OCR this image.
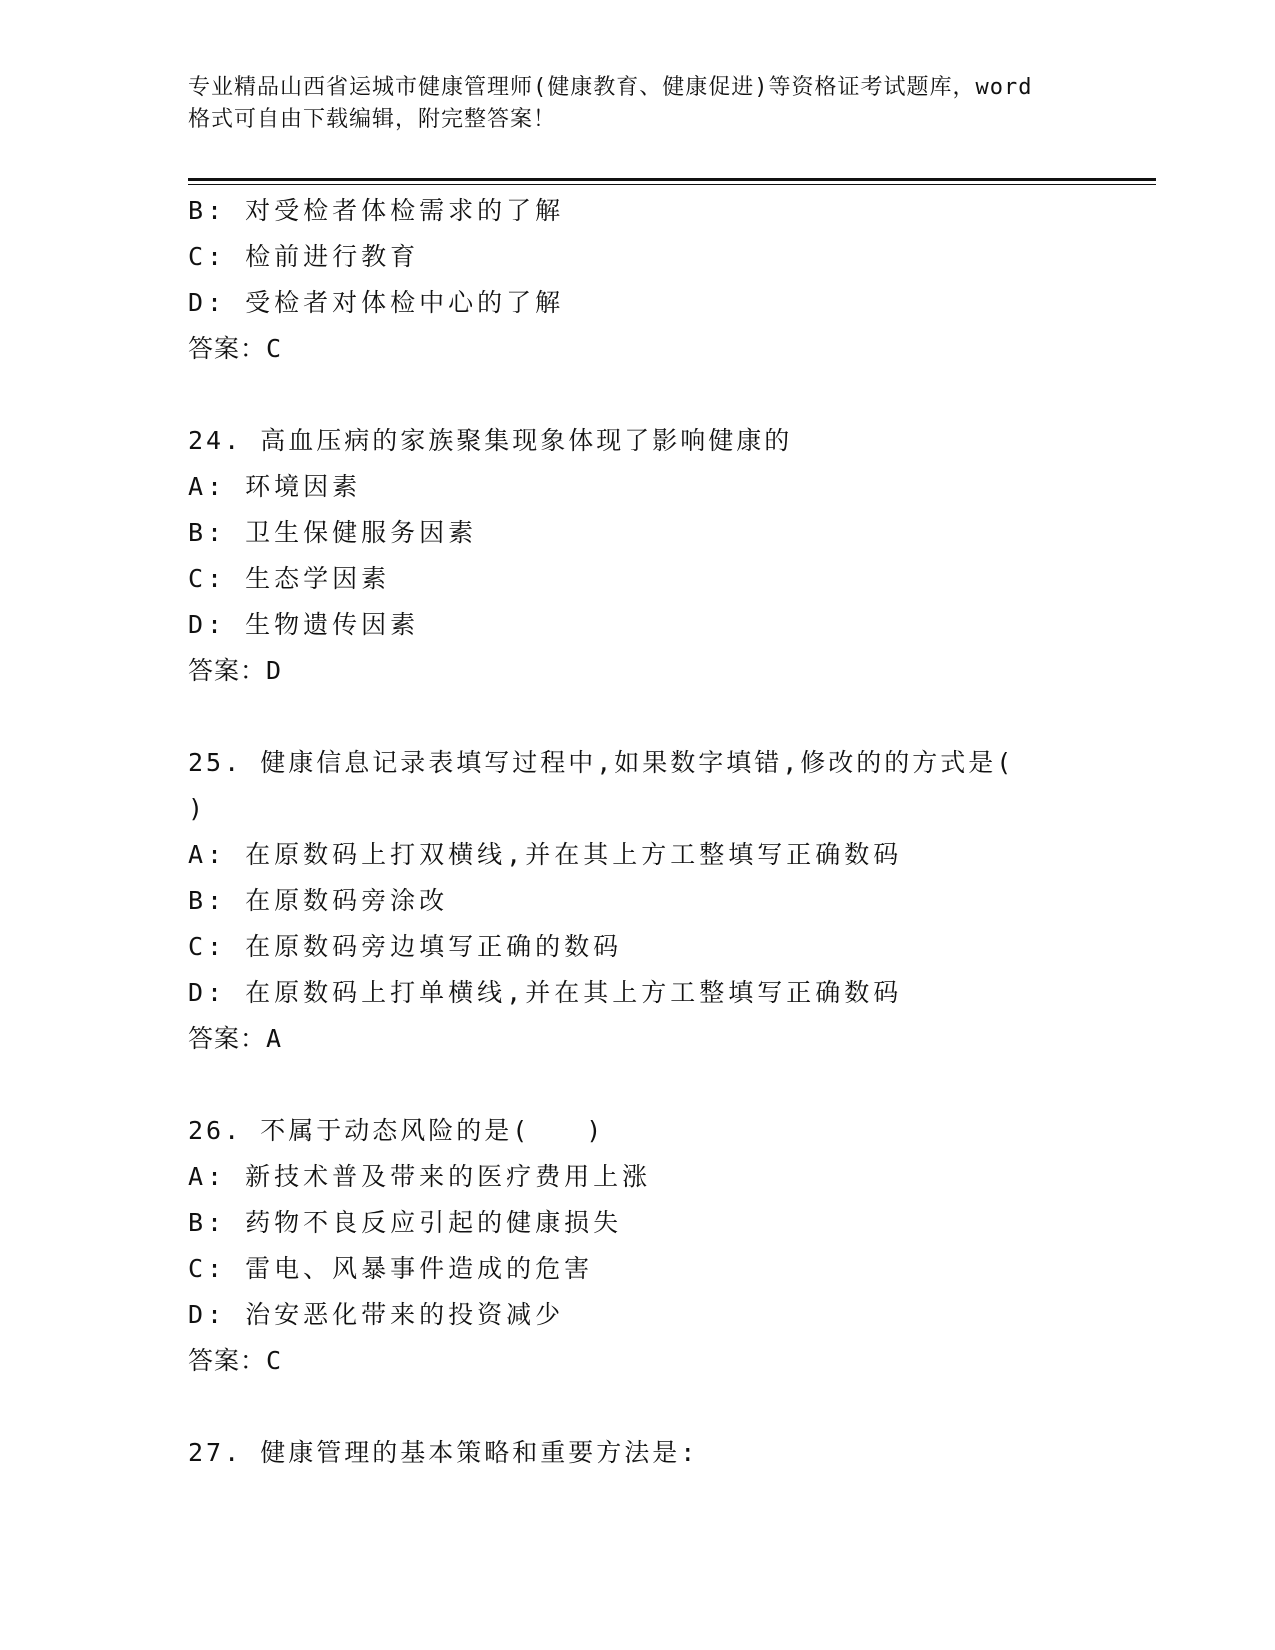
专业精品山西省运城市健康管理师(健康教育、健康促进)等资格证考试题库，word
格式可自由下载编辑，附完整答案！
B: 对受检者体检需求的了解
C: 检前进行教育
D: 受检者对体检中心的了解
答案：C
24. 高血压病的家族聚集现象体现了影响健康的
A: 环境因素
B: 卫生保健服务因素
C: 生态学因素
D: 生物遗传因素
答案：D
25. 健康信息记录表填写过程中,如果数字填错,修改的的方式是(
)
A: 在原数码上打双横线,并在其上方工整填写正确数码
B: 在原数码旁涂改
C: 在原数码旁边填写正确的数码
D: 在原数码上打单横线,并在其上方工整填写正确数码
答案：A
26. 不属于动态风险的是(　　)
A: 新技术普及带来的医疗费用上涨
B: 药物不良反应引起的健康损失
C: 雷电、风暴事件造成的危害
D: 治安恶化带来的投资减少
答案：C
27. 健康管理的基本策略和重要方法是:
